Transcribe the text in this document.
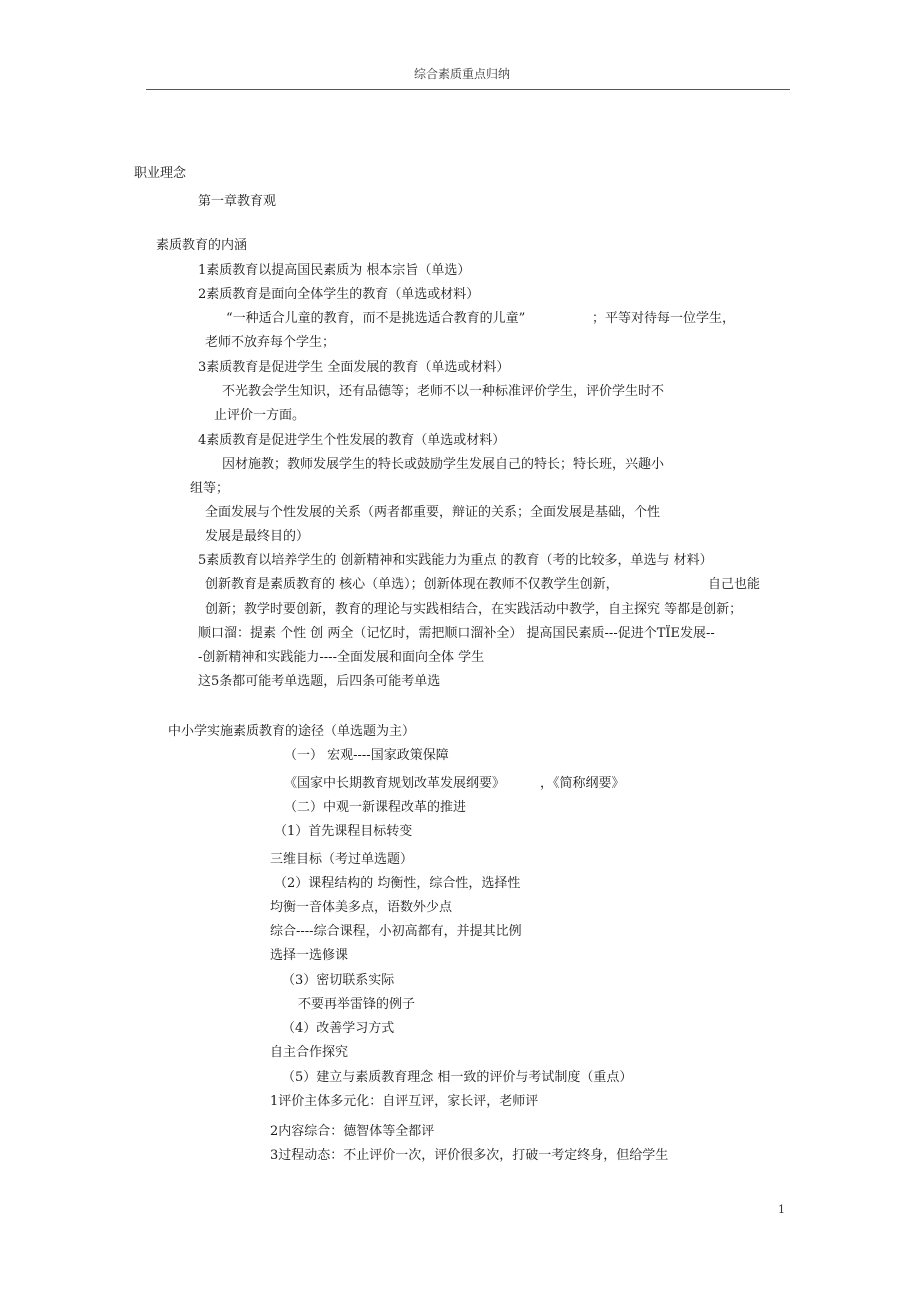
综合素质重点归纳
职业理念
第一章教育观
素质教育的内涵
1素质教育以提高国民素质为 根本宗旨（单选）
2素质教育是面向全体学生的教育（单选或材料）
“一种适合儿童的教育，而不是挑选适合教育的儿童”	；平等对待每一位学生，
老师不放弃每个学生；
3素质教育是促进学生 全面发展的教育（单选或材料）
不光教会学生知识，还有品德等；老师不以一种标准评价学生，评价学生时不
止评价一方面。
4素质教育是促进学生个性发展的教育（单选或材料）
因材施教；教师发展学生的特长或鼓励学生发展自己的特长；特长班，兴趣小
组等；
全面发展与个性发展的关系（两者都重要，辩证的关系；全面发展是基础，个性
发展是最终目的）
5素质教育以培养学生的 创新精神和实践能力为重点 的教育（考的比较多，单选与 材料）
创新教育是素质教育的 核心（单选）；创新体现在教师不仅教学生创新，	自己也能
创新；教学时要创新，教育的理论与实践相结合，在实践活动中教学，自主探究 等都是创新；
顺口溜：提素 个性 创 两全（记忆时，需把顺口溜补全） 提高国民素质---促进个TÏE发展--
-创新精神和实践能力----全面发展和面向全体 学生
这5条都可能考单选题，后四条可能考单选
中小学实施素质教育的途径（单选题为主）
（一） 宏观----国家政策保障
《国家中长期教育规划改革发展纲要》	，《简称纲要》
（二）中观一新课程改革的推进
（1）首先课程目标转变
三维目标（考过单选题）
（2）课程结构的 均衡性，综合性，选择性
均衡一音体美多点，语数外少点
综合----综合课程，小初高都有，并提其比例
选择一选修课
（3）密切联系实际
不要再举雷锋的例子
（4）改善学习方式
自主合作探究
（5）建立与素质教育理念 相一致的评价与考试制度（重点）
1评价主体多元化：自评互评，家长评，老师评
2内容综合：德智体等全都评
3过程动态：不止评价一次，评价很多次，打破一考定终身，但给学生
1
